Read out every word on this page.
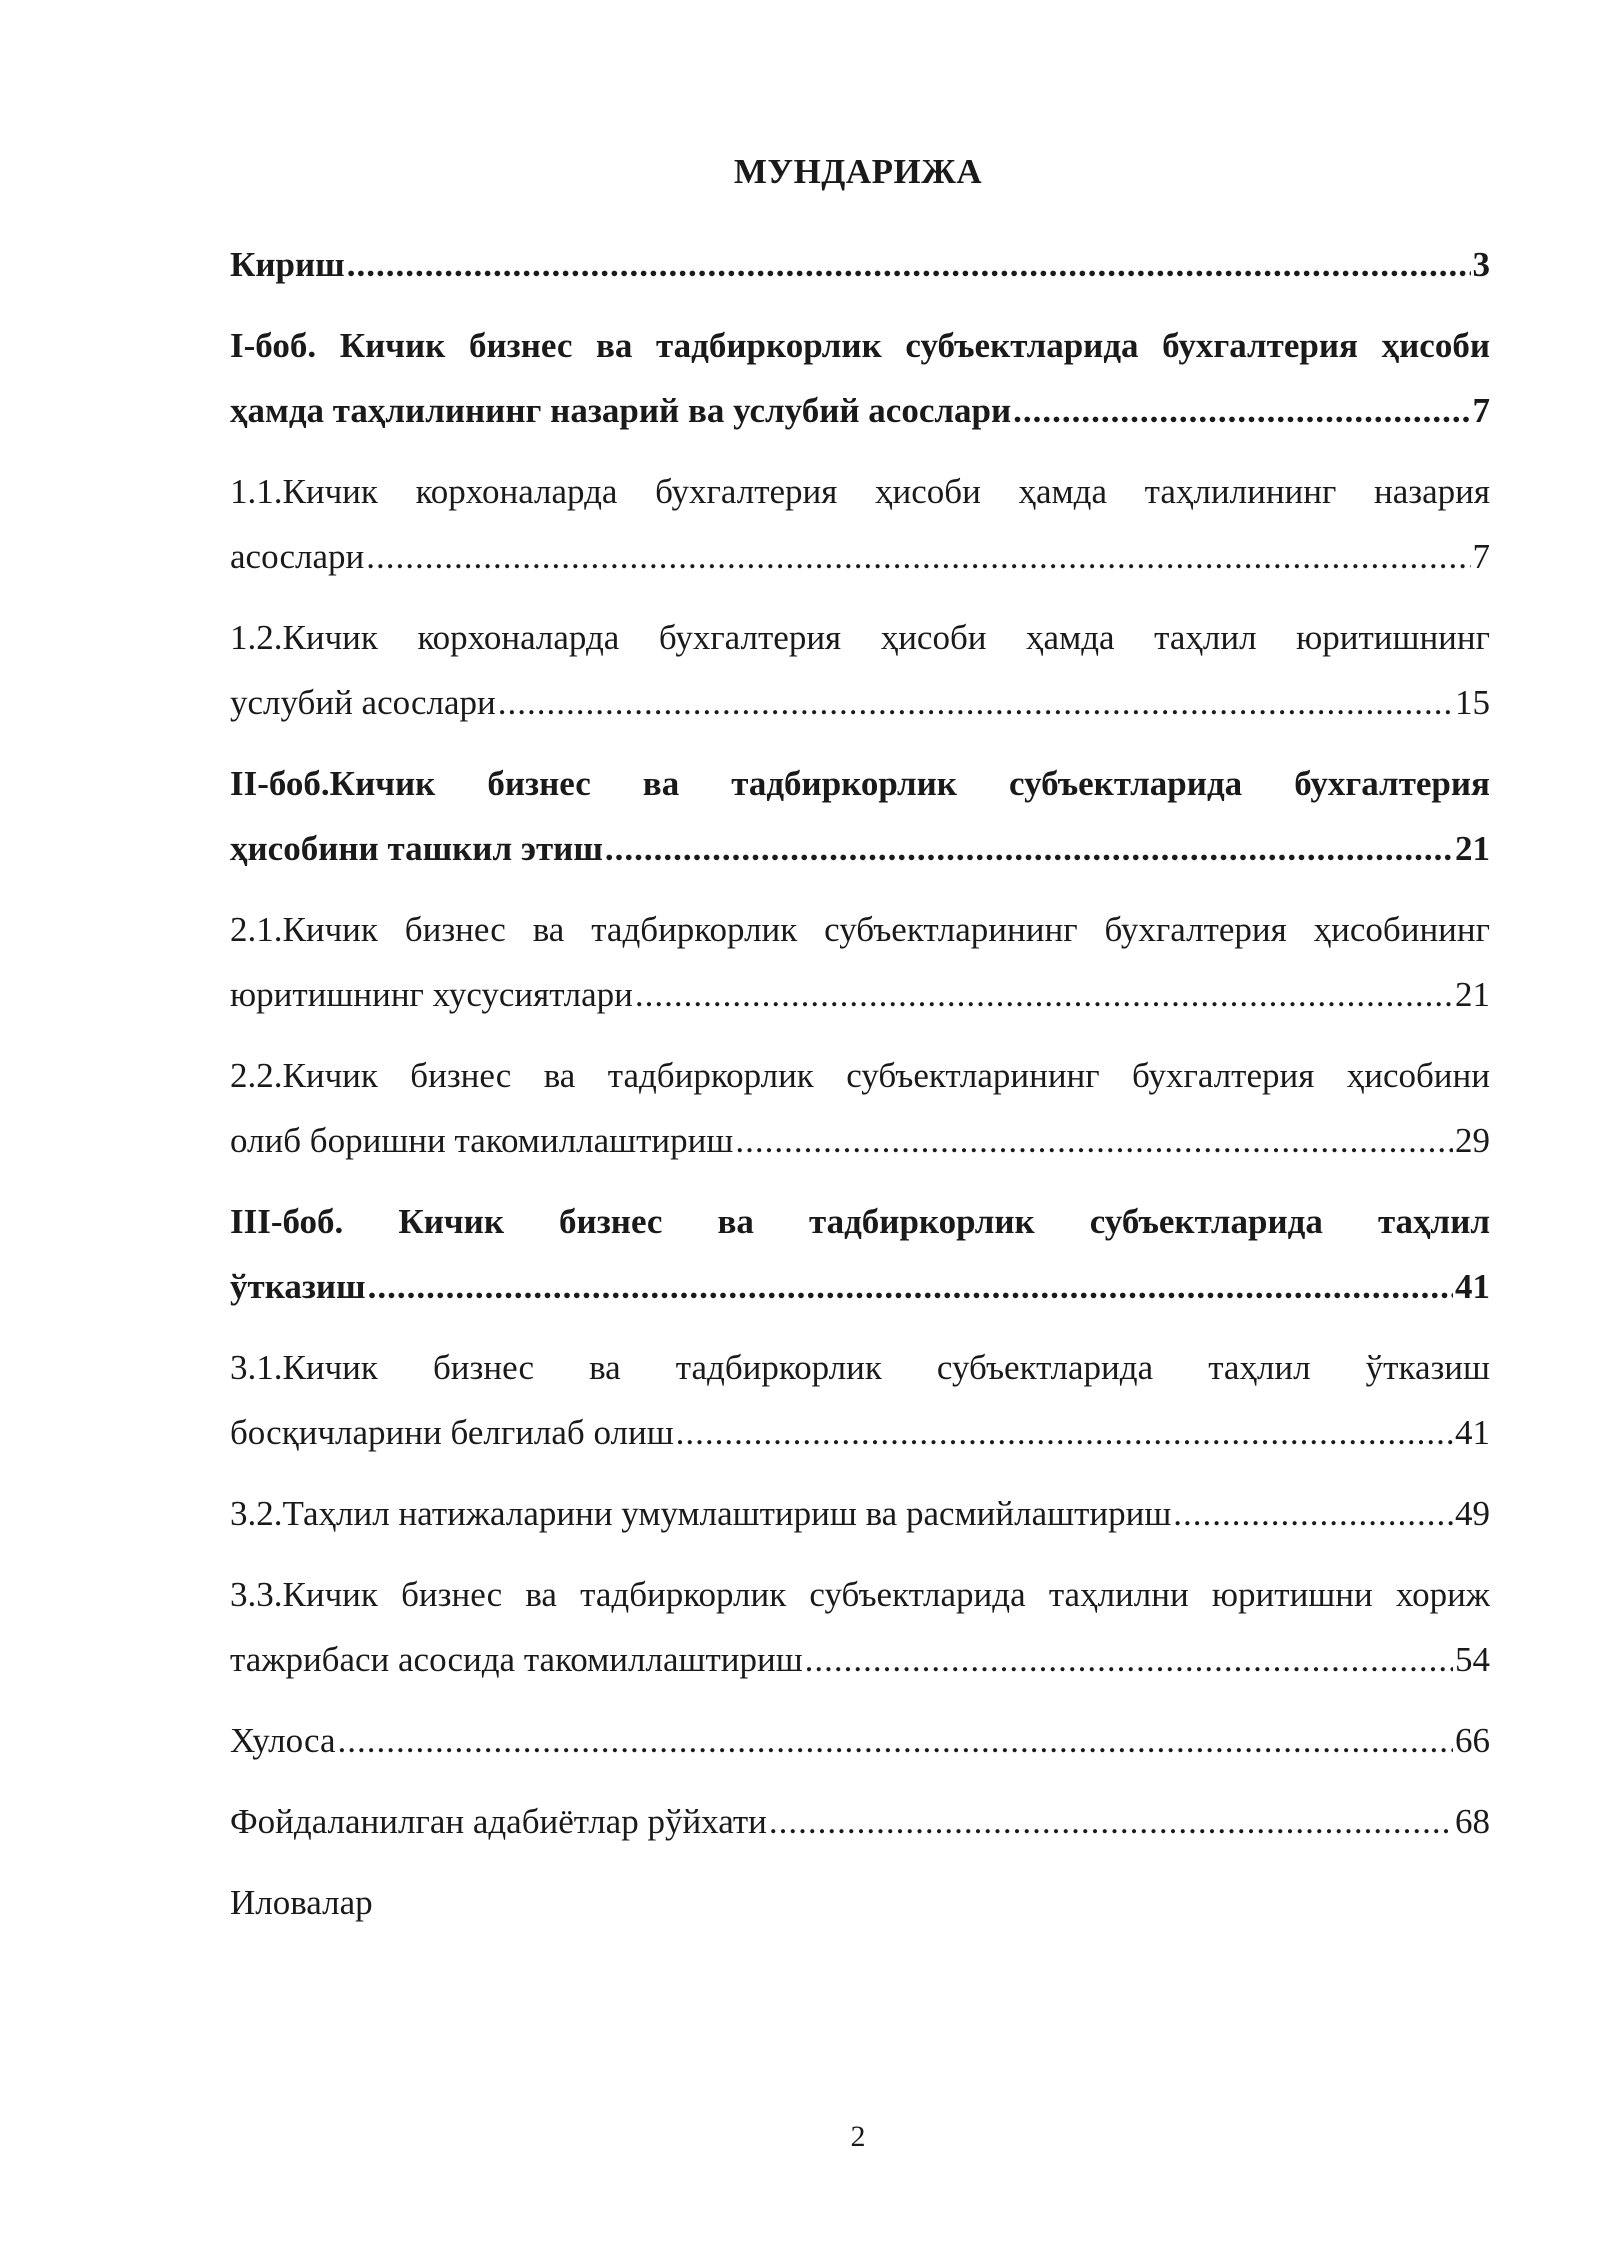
МУНДАРИЖА
Кириш .....	3
I-боб. Кичик бизнес ва тадбиркорлик субъектларида бухгалтерия ҳисоби
ҳамда таҳлилининг назарий ва услубий асослари .....	7
1.1.Кичик корхоналарда бухгалтерия ҳисоби ҳамда таҳлилининг назария
асослари .....	7
1.2.Кичик корхоналарда бухгалтерия ҳисоби ҳамда таҳлил юритишнинг
услубий асослари .....	15
II-боб.Кичик бизнес ва тадбиркорлик субъектларида бухгалтерия
ҳисобини ташкил этиш .....	21
2.1.Кичик бизнес ва тадбиркорлик субъектларининг бухгалтерия ҳисобининг
юритишнинг хусусиятлари .....	21
2.2.Кичик бизнес ва тадбиркорлик субъектларининг бухгалтерия ҳисобини
олиб боришни такомиллаштириш .....	29
III-боб. Кичик бизнес ва тадбиркорлик субъектларида таҳлил
ўтказиш .....	41
3.1.Кичик бизнес ва тадбиркорлик субъектларида таҳлил ўтказиш
босқичларини белгилаб олиш .....	41
3.2.Таҳлил натижаларини умумлаштириш ва расмийлаштириш .....	49
3.3.Кичик бизнес ва тадбиркорлик субъектларида таҳлилни юритишни хориж
тажрибаси асосида такомиллаштириш .....	54
Хулоса .....	66
Фойдаланилган адабиётлар рўйхати .....	68
Иловалар
2
